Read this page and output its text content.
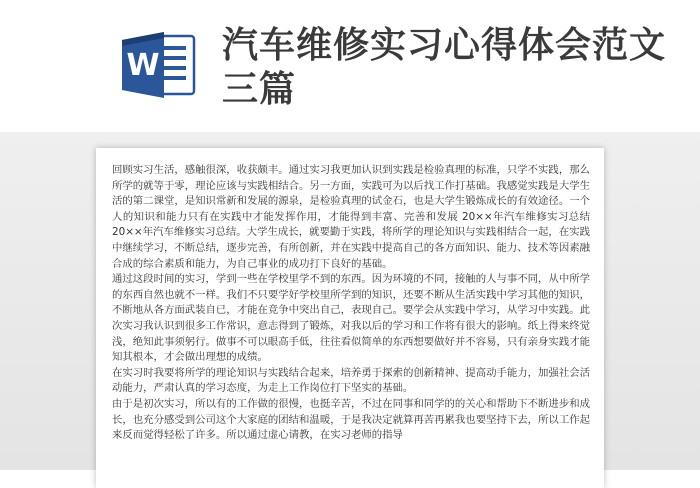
W 汽车维修实习心得体会范文三篇

回顾实习生活，感触很深，收获颇丰。通过实习我更加认识到实践是检验真理的标准，只学不实践，那么所学的就等于零，理论应该与实践相结合。另一方面，实践可为以后找工作打基础。我感觉实践是大学生活的第二课堂，是知识常新和发展的源泉，是检验真理的试金石，也是大学生锻炼成长的有效途径。一个人的知识和能力只有在实践中才能发挥作用，才能得到丰富、完善和发展 20××年汽车维修实习总结 20××年汽车维修实习总结。大学生成长，就要勤于实践，将所学的理论知识与实践相结合一起，在实践中继续学习，不断总结，逐步完善，有所创新，并在实践中提高自己的各方面知识、能力、技术等因素融合成的综合素质和能力，为自己事业的成功打下良好的基础。

通过这段时间的实习，学到一些在学校里学不到的东西。因为环境的不同，接触的人与事不同，从中所学的东西自然也就不一样。我们不只要学好学校里所学到的知识，还要不断从生活实践中学习其他的知识，不断地从各方面武装自已，才能在竞争中突出自己，表现自己。要学会从实践中学习，从学习中实践。此次实习我认识到很多工作常识，意志得到了锻炼，对我以后的学习和工作将有很大的影响。纸上得来终觉浅，绝知此事须躬行。做事不可以眼高手低，往往看似简单的东西想要做好并不容易，只有亲身实践才能知其根本，才会做出理想的成绩。

在实习时我要将所学的理论知识与实践结合起来，培养勇于探索的创新精神、提高动手能力，加强社会活动能力，严肃认真的学习态度，为走上工作岗位打下坚实的基础。

由于是初次实习，所以有的工作做的很慢，也挺辛苦，不过在同事和同学的的关心和帮助下不断进步和成长，也充分感受到公司这个大家庭的团结和温暖，于是我决定就算再苦再累我也要坚持下去，所以工作起来反而觉得轻松了许多。所以通过虚心请教，在实习老师的指导
